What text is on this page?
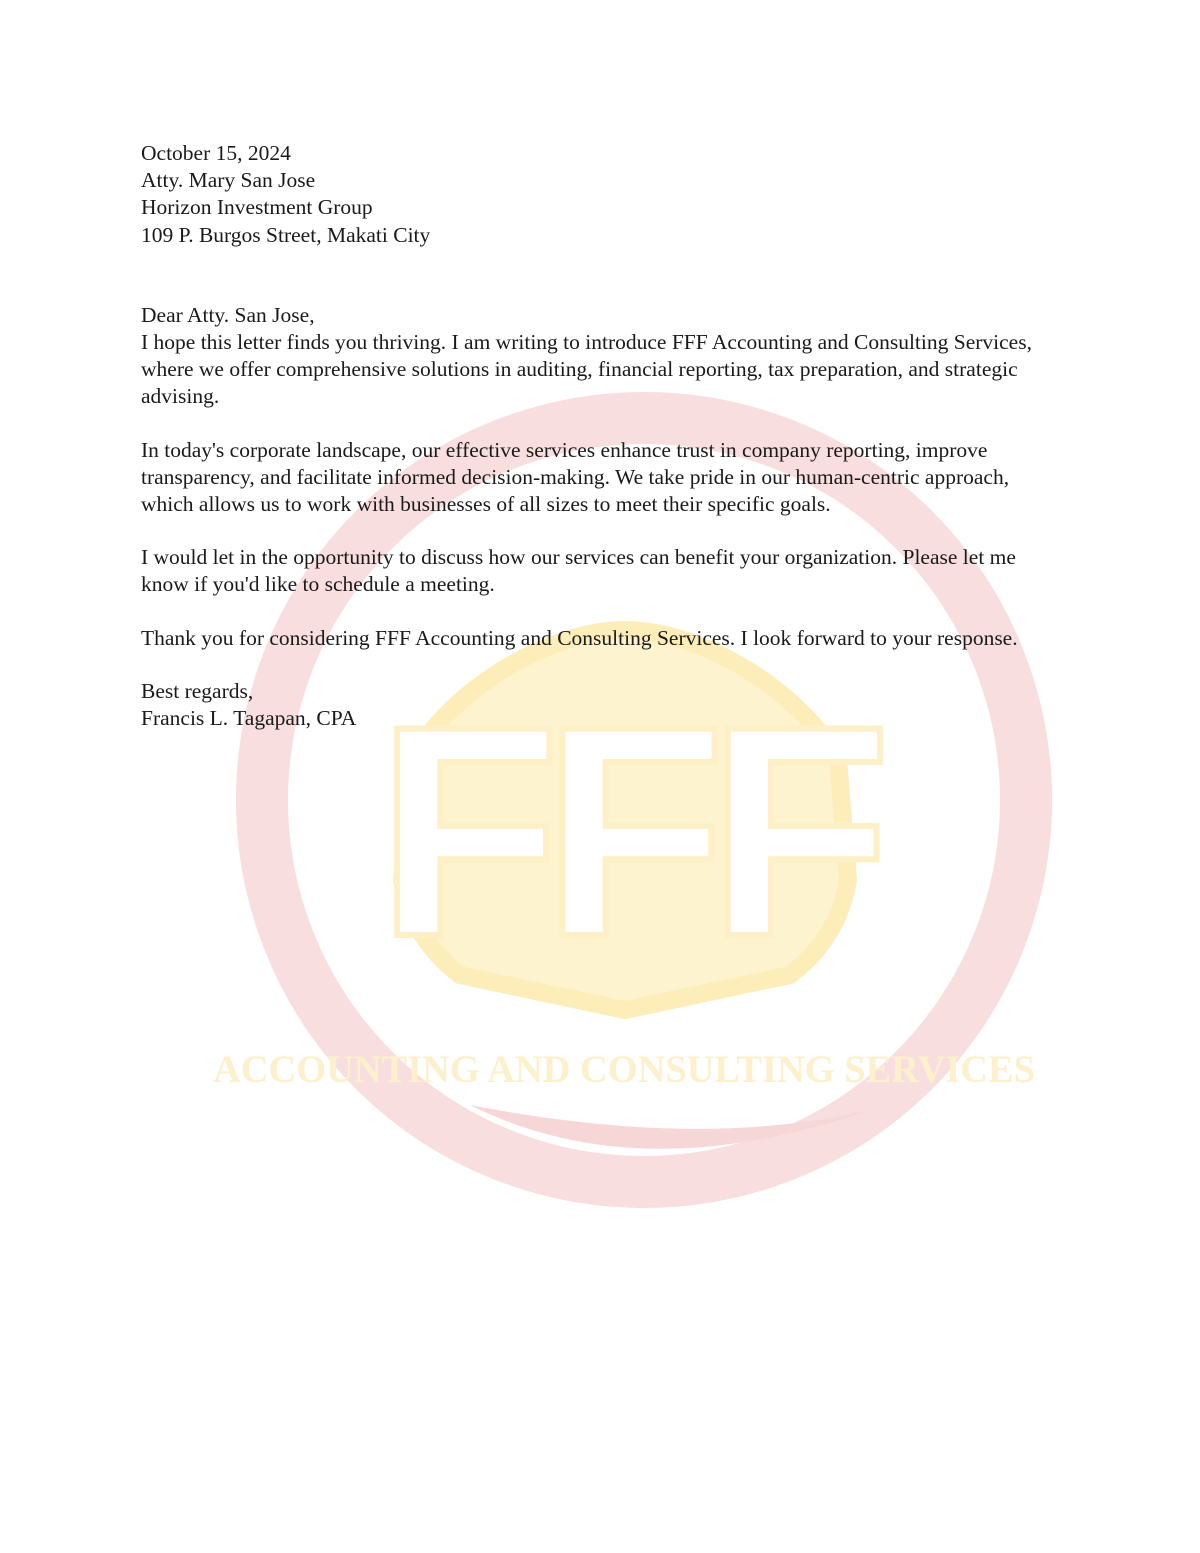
FFF
ACCOUNTING AND CONSULTING SERVICES

October 15, 2024

Atty. Mary San Jose
Horizon Investment Group
109 P. Burgos Street, Makati City

Dear Atty. San Jose,

I hope this letter finds you thriving. I am writing to introduce FFF Accounting and Consulting Services, where we offer comprehensive solutions in auditing, financial reporting, tax preparation, and strategic advising.

In today's corporate landscape, our effective services enhance trust in company reporting, improve transparency, and facilitate informed decision-making. We take pride in our human-centric approach, which allows us to work with businesses of all sizes to meet their specific goals.

I would let in the opportunity to discuss how our services can benefit your organization. Please let me know if you'd like to schedule a meeting.

Thank you for considering FFF Accounting and Consulting Services. I look forward to your response.

Best regards,

Francis L. Tagapan, CPA
